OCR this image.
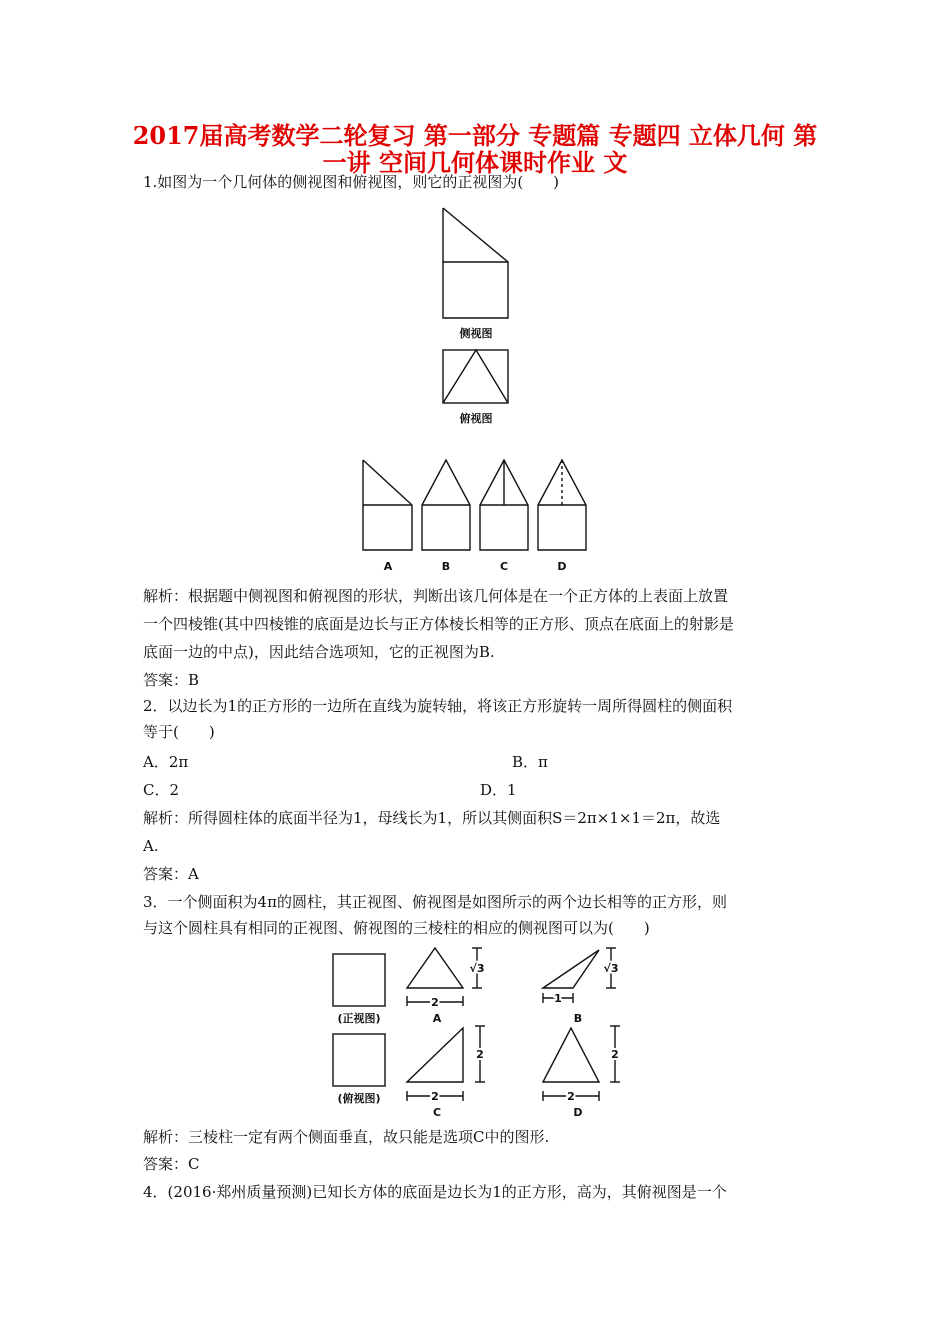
2017届高考数学二轮复习 第一部分 专题篇 专题四 立体几何 第
一讲 空间几何体课时作业 文
1.如图为一个几何体的侧视图和俯视图，则它的正视图为(　　)
侧视图
俯视图
A	B	C	D
解析：根据题中侧视图和俯视图的形状，判断出该几何体是在一个正方体的上表面上放置
一个四棱锥(其中四棱锥的底面是边长与正方体棱长相等的正方形、顶点在底面上的射影是
底面一边的中点)，因此结合选项知，它的正视图为B.
答案：B
2．以边长为1的正方形的一边所在直线为旋转轴，将该正方形旋转一周所得圆柱的侧面积
等于(　　)
A．2π	B．π
C．2	D．1
解析：所得圆柱体的底面半径为1，母线长为1，所以其侧面积S＝2π×1×1＝2π，故选
A.
答案：A
3．一个侧面积为4π的圆柱，其正视图、俯视图是如图所示的两个边长相等的正方形，则
与这个圆柱具有相同的正视图、俯视图的三棱柱的相应的侧视图可以为(　　)
(正视图)
(俯视图)
2
√3
A
1
√3
B
2
2
C
2
2
D
解析：三棱柱一定有两个侧面垂直，故只能是选项C中的图形.
答案：C
4．(2016·郑州质量预测)已知长方体的底面是边长为1的正方形，高为，其俯视图是一个
